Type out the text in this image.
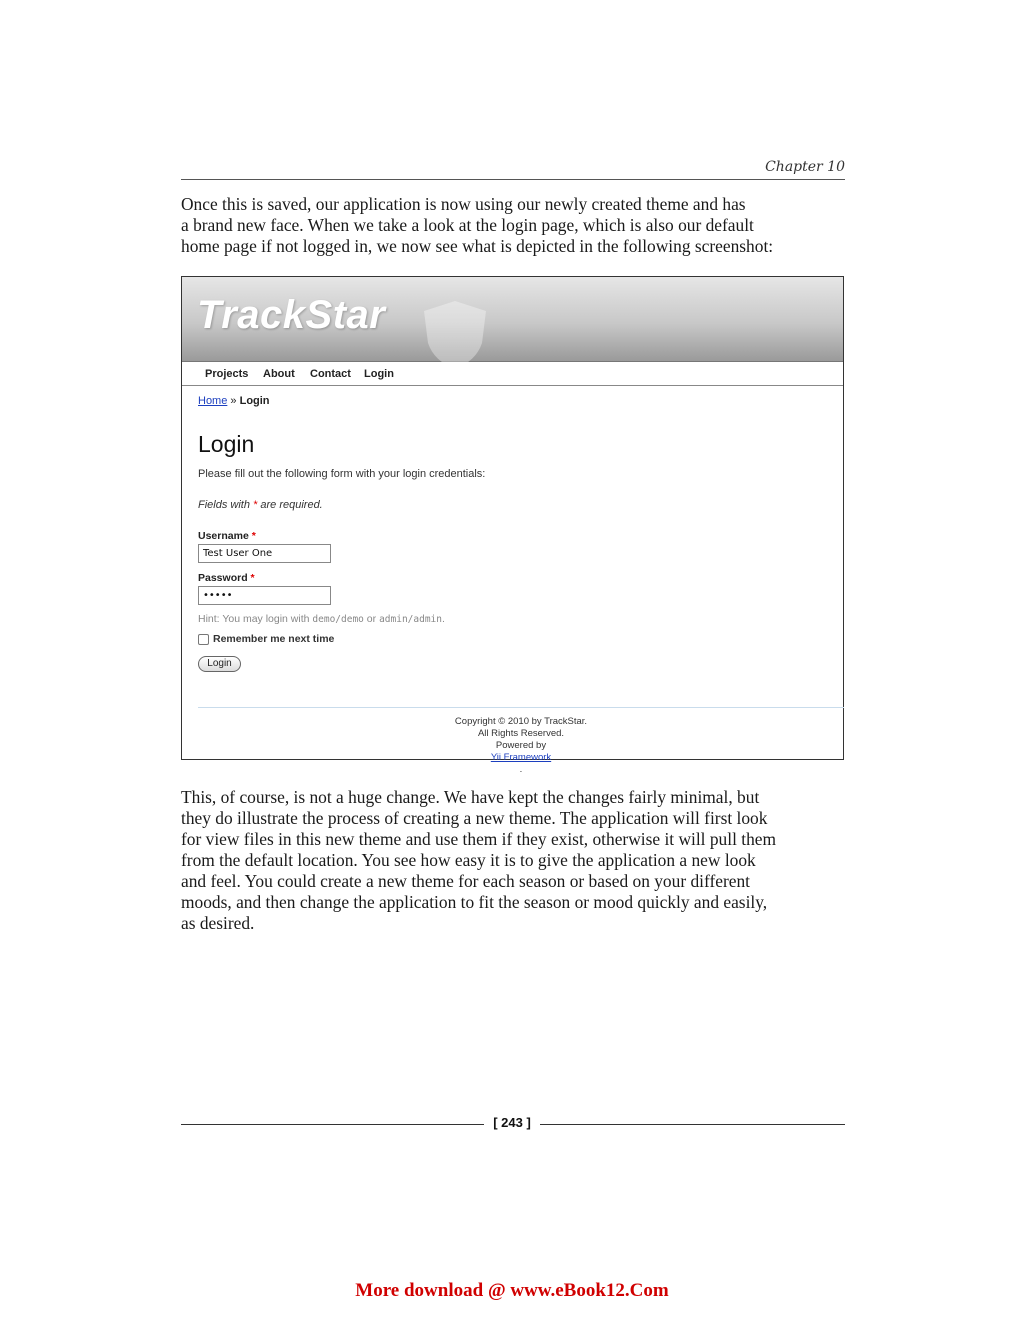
Chapter 10
Once this is saved, our application is now using our newly created theme and has
a brand new face. When we take a look at the login page, which is also our default
home page if not logged in, we now see what is depicted in the following screenshot:
TrackStar
Projects About Contact Login
Home » Login
Login
Please fill out the following form with your login credentials:
Fields with * are required.
Username *
Test User One
Password *
•••••
Hint: You may login with demo/demo or admin/admin.
Remember me next time
Login
Copyright © 2010 by TrackStar.
All Rights Reserved.
Powered by
Yii Framework
.
This, of course, is not a huge change. We have kept the changes fairly minimal, but
they do illustrate the process of creating a new theme. The application will first look
for view files in this new theme and use them if they exist, otherwise it will pull them
from the default location. You see how easy it is to give the application a new look
and feel. You could create a new theme for each season or based on your different
moods, and then change the application to fit the season or mood quickly and easily,
as desired.
[ 243 ]
More download @ www.eBook12.Com
